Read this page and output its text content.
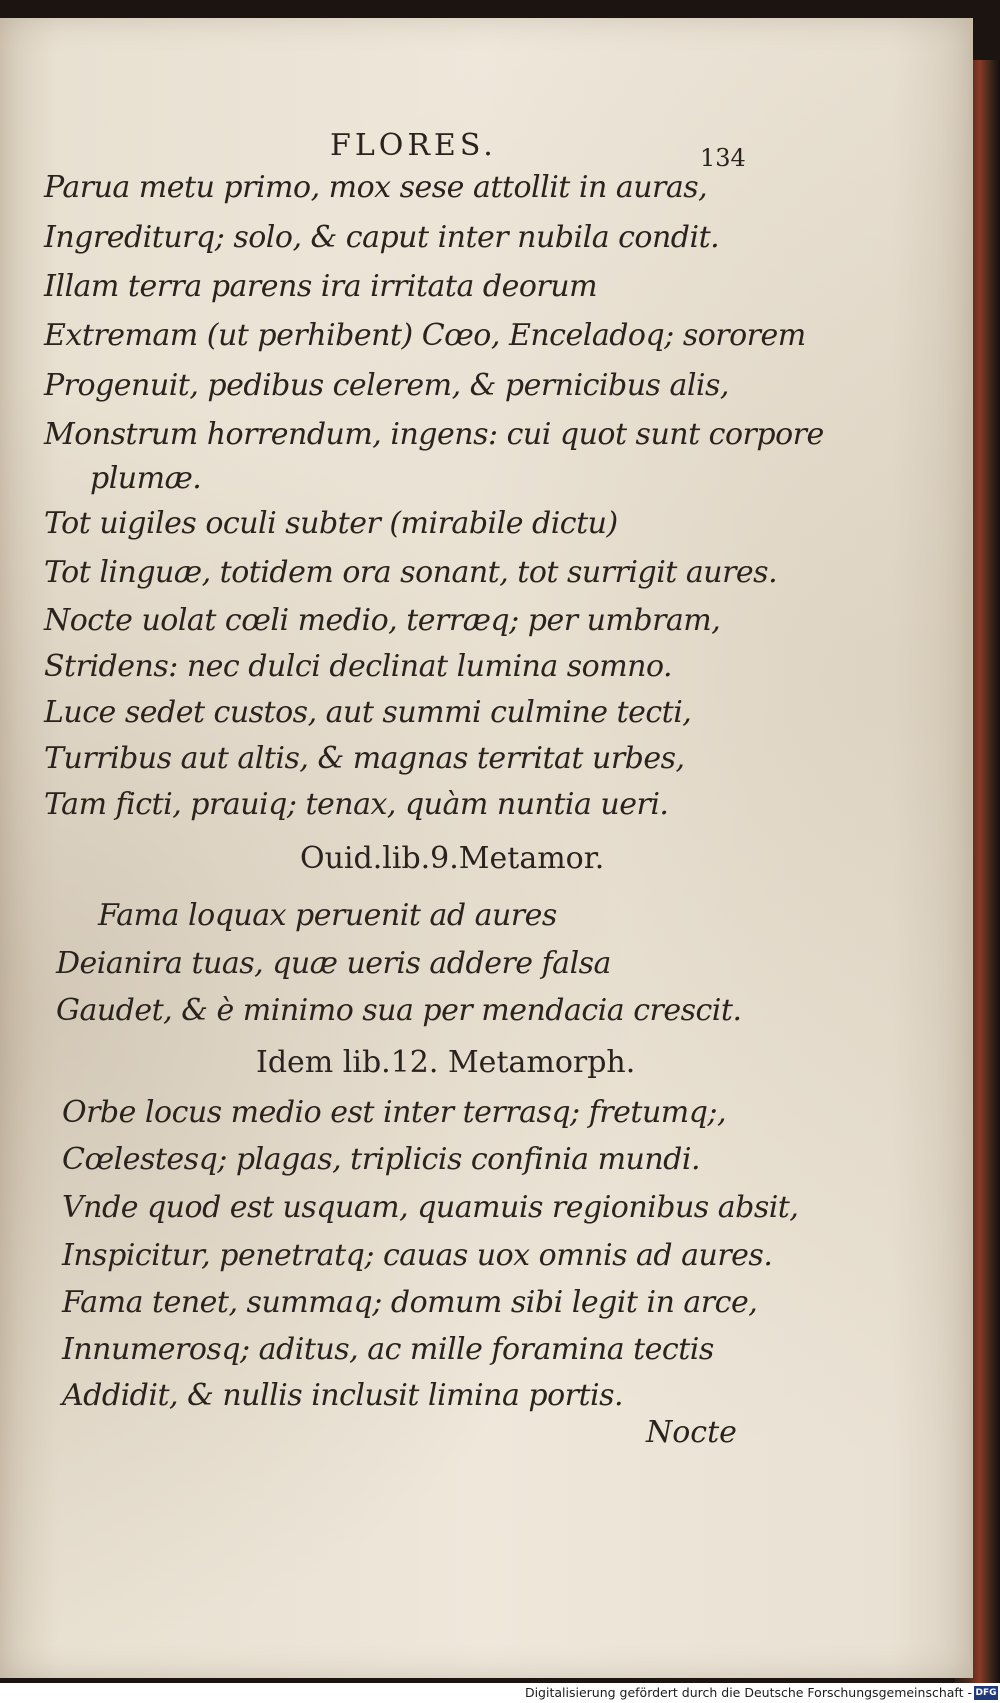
FLORES.	134
Parua metu primo, mox sese attollit in auras,
Ingrediturq; solo, & caput inter nubila condit.
Illam terra parens ira irritata deorum
Extremam (ut perhibent) Cœo, Enceladoq; sororem
Progenuit, pedibus celerem, & pernicibus alis,
Monstrum horrendum, ingens: cui quot sunt corpore
plumæ.
Tot uigiles oculi subter (mirabile dictu)
Tot linguæ, totidem ora sonant, tot surrigit aures.
Nocte uolat cœli medio, terræq; per umbram,
Stridens: nec dulci declinat lumina somno.
Luce sedet custos, aut summi culmine tecti,
Turribus aut altis, & magnas territat urbes,
Tam ficti, prauiq; tenax, quàm nuntia ueri.
Ouid.lib.9.Metamor.
Fama loquax peruenit ad aures
Deianira tuas, quæ ueris addere falsa
Gaudet, & è minimo sua per mendacia crescit.
Idem lib.12. Metamorph.
Orbe locus medio est inter terrasq; fretumq;,
Cœlestesq; plagas, triplicis confinia mundi.
Vnde quod est usquam, quamuis regionibus absit,
Inspicitur, penetratq; cauas uox omnis ad aures.
Fama tenet, summaq; domum sibi legit in arce,
Innumerosq; aditus, ac mille foramina tectis
Addidit, & nullis inclusit limina portis.
Nocte
Digitalisierung gefördert durch die Deutsche Forschungsgemeinschaft - DFG
